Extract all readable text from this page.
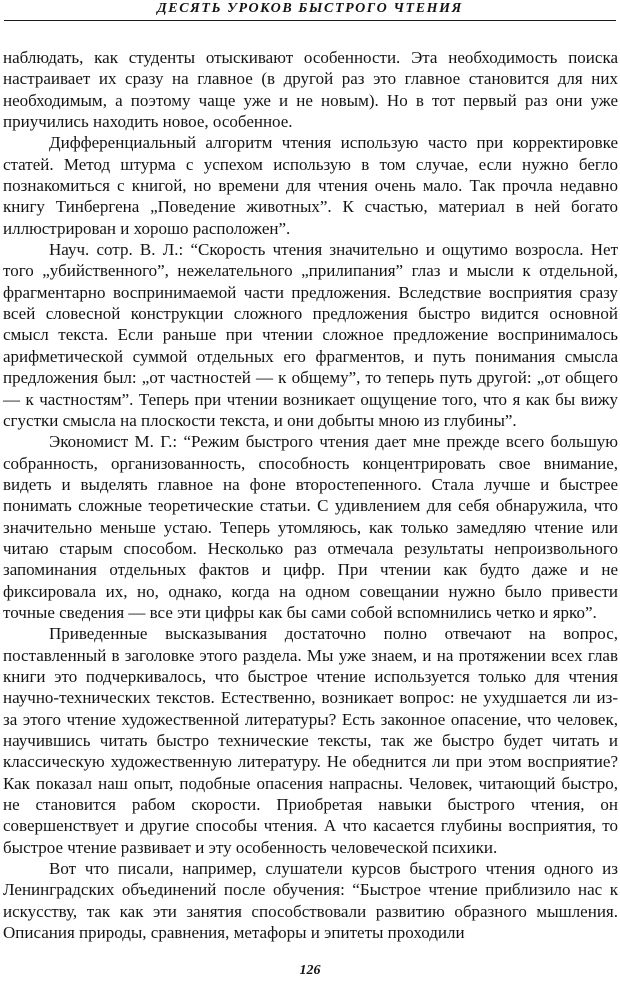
ДЕСЯТЬ УРОКОВ БЫСТРОГО ЧТЕНИЯ

наблюдать, как студенты отыскивают особенности. Эта необходимость поиска настраивает их сразу на главное (в другой раз это главное становится для них необходимым, а поэтому чаще уже и не новым). Но в тот первый раз они уже приучились находить новое, особенное.

Дифференциальный алгоритм чтения использую часто при корректировке статей. Метод штурма с успехом использую в том случае, если нужно бегло познакомиться с книгой, но времени для чтения очень мало. Так прочла недавно книгу Тинбергена „Поведение животных”. К счастью, материал в ней богато иллюстрирован и хорошо расположен”.

Науч. сотр. В. Л.: “Скорость чтения значительно и ощутимо возросла. Нет того „убийственного”, нежелательного „прилипания” глаз и мысли к отдельной, фрагментарно воспринимаемой части предложения. Вследствие восприятия сразу всей словесной конструкции сложного предложения быстро видится основной смысл текста. Если раньше при чтении сложное предложение воспринималось арифметической суммой отдельных его фрагментов, и путь понимания смысла предложения был: „от частностей — к общему”, то теперь путь другой: „от общего — к частностям”. Теперь при чтении возникает ощущение того, что я как бы вижу сгустки смысла на плоскости текста, и они добыты мною из глубины”.

Экономист М. Г.: “Режим быстрого чтения дает мне прежде всего большую собранность, организованность, способность концентрировать свое внимание, видеть и выделять главное на фоне второстепенного. Стала лучше и быстрее понимать сложные теоретические статьи. С удивлением для себя обнаружила, что значительно меньше устаю. Теперь утомляюсь, как только замедляю чтение или читаю старым способом. Несколько раз отмечала результаты непроизвольного запоминания отдельных фактов и цифр. При чтении как будто даже и не фиксировала их, но, однако, когда на одном совещании нужно было привести точные сведения — все эти цифры как бы сами собой вспомнились четко и ярко”.

Приведенные высказывания достаточно полно отвечают на вопрос, поставленный в заголовке этого раздела. Мы уже знаем, и на протяжении всех глав книги это подчеркивалось, что быстрое чтение используется только для чтения научно-технических текстов. Естественно, возникает вопрос: не ухудшается ли из-за этого чтение художественной литературы? Есть законное опасение, что человек, научившись читать быстро технические тексты, так же быстро будет читать и классическую художественную литературу. Не обеднится ли при этом восприятие? Как показал наш опыт, подобные опасения напрасны. Человек, читающий быстро, не становится рабом скорости. Приобретая навыки быстрого чтения, он совершенствует и другие способы чтения. А что касается глубины восприятия, то быстрое чтение развивает и эту особенность человеческой психики.

Вот что писали, например, слушатели курсов быстрого чтения одного из Ленинградских объединений после обучения: “Быстрое чтение приблизило нас к искусству, так как эти занятия способствовали развитию образного мышления. Описания природы, сравнения, метафоры и эпитеты проходили

126
